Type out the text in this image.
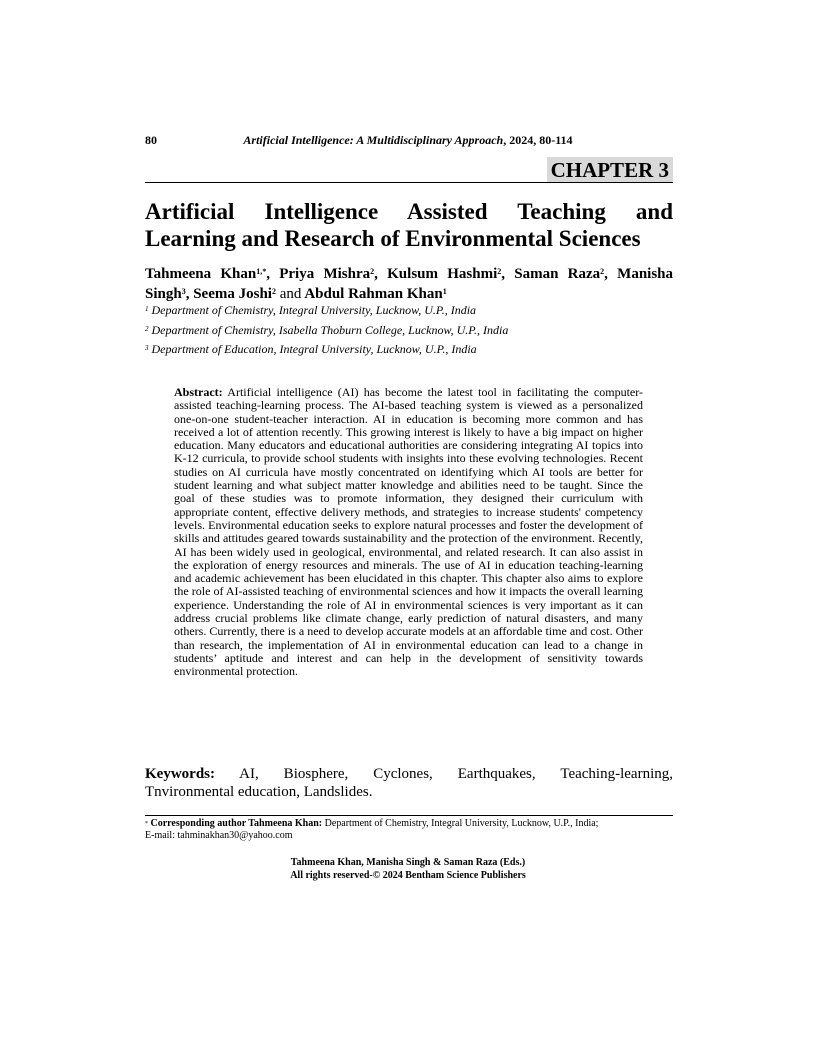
80	Artificial Intelligence: A Multidisciplinary Approach, 2024, 80-114
CHAPTER 3
Artificial Intelligence Assisted Teaching and
Learning and Research of Environmental Sciences
Tahmeena Khan$^{1,*}$, Priya Mishra$^2$, Kulsum Hashmi$^2$, Saman Raza$^2$, Manisha
Singh$^3$, Seema Joshi$^2$ and Abdul Rahman Khan$^1$
$^1$ Department of Chemistry, Integral University, Lucknow, U.P., India
$^2$ Department of Chemistry, Isabella Thoburn College, Lucknow, U.P., India
$^3$ Department of Education, Integral University, Lucknow, U.P., India
Abstract: Artificial intelligence (AI) has become the latest tool in facilitating the computer-assisted teaching-learning process. The AI-based teaching system is viewed as a personalized one-on-one student-teacher interaction. AI in education is becoming more common and has received a lot of attention recently. This growing interest is likely to have a big impact on higher education. Many educators and educational authorities are considering integrating AI topics into K-12 curricula, to provide school students with insights into these evolving technologies. Recent studies on AI curricula have mostly concentrated on identifying which AI tools are better for student learning and what subject matter knowledge and abilities need to be taught. Since the goal of these studies was to promote information, they designed their curriculum with appropriate content, effective delivery methods, and strategies to increase students' competency levels. Environmental education seeks to explore natural processes and foster the development of skills and attitudes geared towards sustainability and the protection of the environment. Recently, AI has been widely used in geological, environmental, and related research. It can also assist in the exploration of energy resources and minerals. The use of AI in education teaching-learning and academic achievement has been elucidated in this chapter. This chapter also aims to explore the role of AI-assisted teaching of environmental sciences and how it impacts the overall learning experience. Understanding the role of AI in environmental sciences is very important as it can address crucial problems like climate change, early prediction of natural disasters, and many others. Currently, there is a need to develop accurate models at an affordable time and cost. Other than research, the implementation of AI in environmental education can lead to a change in students’ aptitude and interest and can help in the development of sensitivity towards environmental protection.
Keywords: AI, Biosphere, Cyclones, Earthquakes, Teaching-learning,
Tnvironmental education, Landslides.
* Corresponding author Tahmeena Khan: Department of Chemistry, Integral University, Lucknow, U.P., India;
E-mail: tahminakhan30@yahoo.com
Tahmeena Khan, Manisha Singh & Saman Raza (Eds.)
All rights reserved-© 2024 Bentham Science Publishers
